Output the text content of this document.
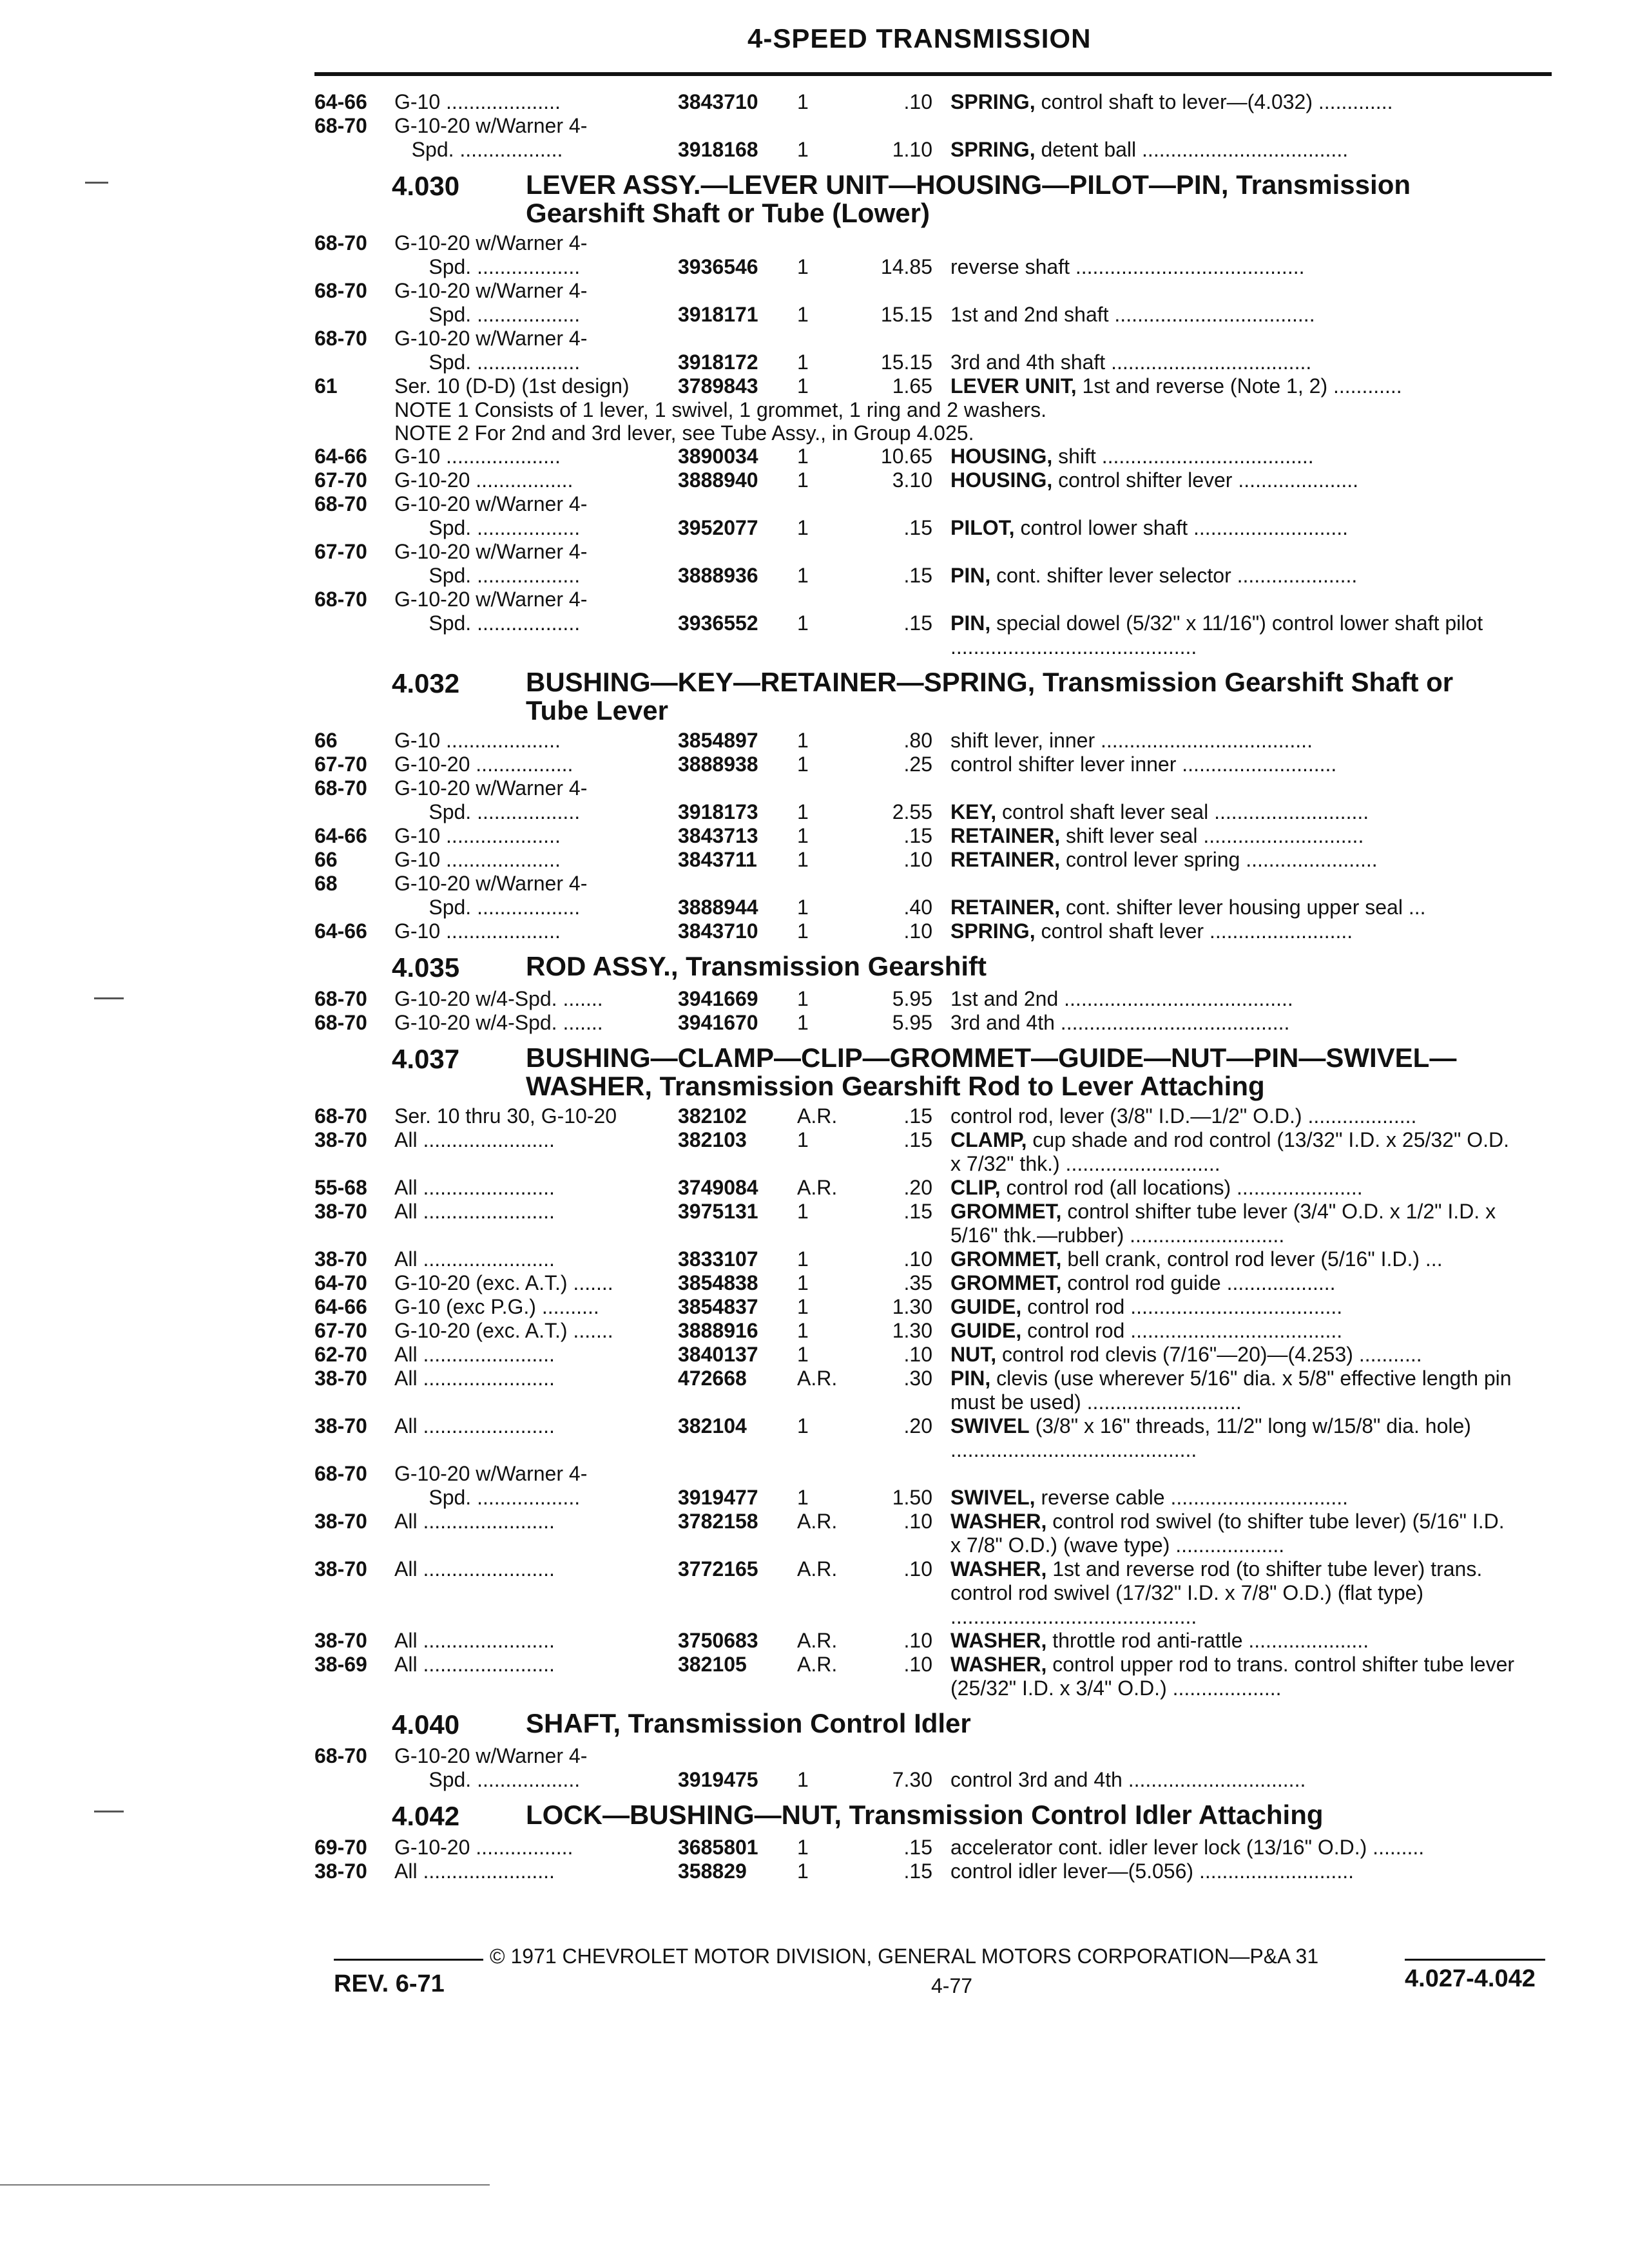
4-SPEED TRANSMISSION
64-66	G-10 ....................	3843710	1	.10 SPRING, control shaft to lever—(4.032) .............
68-70	G-10-20 w/Warner 4-
Spd. ..................	3918168	1	1.10 SPRING, detent ball ....................................
4.030	LEVER ASSY.—LEVER UNIT—HOUSING—PILOT—PIN, Transmission Gearshift Shaft or Tube (Lower)
68-70	G-10-20 w/Warner 4-
Spd. ..................	3936546	1	14.85 reverse shaft ........................................
68-70	G-10-20 w/Warner 4-
Spd. ..................	3918171	1	15.15 1st and 2nd shaft ...................................
68-70	G-10-20 w/Warner 4-
Spd. ..................	3918172	1	15.15 3rd and 4th shaft ...................................
61	Ser. 10 (D-D) (1st design)	3789843	1	1.65 LEVER UNIT, 1st and reverse (Note 1, 2) ............
NOTE 1 Consists of 1 lever, 1 swivel, 1 grommet, 1 ring and 2 washers.
NOTE 2 For 2nd and 3rd lever, see Tube Assy., in Group 4.025.
64-66	G-10 ....................	3890034	1	10.65 HOUSING, shift .....................................
67-70	G-10-20 .................	3888940	1	3.10 HOUSING, control shifter lever .....................
68-70	G-10-20 w/Warner 4-
Spd. ..................	3952077	1	.15 PILOT, control lower shaft ...........................
67-70	G-10-20 w/Warner 4-
Spd. ..................	3888936	1	.15 PIN, cont. shifter lever selector .....................
68-70	G-10-20 w/Warner 4-
Spd. ..................	3936552	1	.15 PIN, special dowel (5/32" x 11/16") control lower shaft pilot ...........................................
4.032	BUSHING—KEY—RETAINER—SPRING, Transmission Gearshift Shaft or Tube Lever
66	G-10 ....................	3854897	1	.80 shift lever, inner .....................................
67-70	G-10-20 .................	3888938	1	.25 control shifter lever inner ...........................
68-70	G-10-20 w/Warner 4-
Spd. ..................	3918173	1	2.55 KEY, control shaft lever seal ...........................
64-66	G-10 ....................	3843713	1	.15 RETAINER, shift lever seal ............................
66	G-10 ....................	3843711	1	.10 RETAINER, control lever spring .......................
68	G-10-20 w/Warner 4-
Spd. ..................	3888944	1	.40 RETAINER, cont. shifter lever housing upper seal ...
64-66	G-10 ....................	3843710	1	.10 SPRING, control shaft lever .........................
4.035	ROD ASSY., Transmission Gearshift
68-70	G-10-20 w/4-Spd. .......	3941669	1	5.95 1st and 2nd ........................................
68-70	G-10-20 w/4-Spd. .......	3941670	1	5.95 3rd and 4th ........................................
4.037	BUSHING—CLAMP—CLIP—GROMMET—GUIDE—NUT—PIN—SWIVEL—WASHER, Transmission Gearshift Rod to Lever Attaching
68-70	Ser. 10 thru 30, G-10-20	382102	A.R.	.15 control rod, lever (3/8" I.D.—1/2" O.D.) ...................
38-70	All .......................	382103	1	.15 CLAMP, cup shade and rod control (13/32" I.D. x 25/32" O.D. x 7/32" thk.) ...........................
55-68	All .......................	3749084	A.R.	.20 CLIP, control rod (all locations) ......................
38-70	All .......................	3975131	1	.15 GROMMET, control shifter tube lever (3/4" O.D. x 1/2" I.D. x 5/16" thk.—rubber) ...........................
38-70	All .......................	3833107	1	.10 GROMMET, bell crank, control rod lever (5/16" I.D.) ...
64-70	G-10-20 (exc. A.T.) .......	3854838	1	.35 GROMMET, control rod guide ...................
64-66	G-10 (exc P.G.) ..........	3854837	1	1.30 GUIDE, control rod .....................................
67-70	G-10-20 (exc. A.T.) .......	3888916	1	1.30 GUIDE, control rod .....................................
62-70	All .......................	3840137	1	.10 NUT, control rod clevis (7/16"—20)—(4.253) ...........
38-70	All .......................	472668	A.R.	.30 PIN, clevis (use wherever 5/16" dia. x 5/8" effective length pin must be used) ...........................
38-70	All .......................	382104	1	.20 SWIVEL (3/8" x 16" threads, 11/2" long w/15/8" dia. hole) ...........................................
68-70	G-10-20 w/Warner 4-
Spd. ..................	3919477	1	1.50 SWIVEL, reverse cable ...............................
38-70	All .......................	3782158	A.R.	.10 WASHER, control rod swivel (to shifter tube lever) (5/16" I.D. x 7/8" O.D.) (wave type) ...................
38-70	All .......................	3772165	A.R.	.10 WASHER, 1st and reverse rod (to shifter tube lever) trans. control rod swivel (17/32" I.D. x 7/8" O.D.) (flat type) ...........................................
38-70	All .......................	3750683	A.R.	.10 WASHER, throttle rod anti-rattle .....................
38-69	All .......................	382105	A.R.	.10 WASHER, control upper rod to trans. control shifter tube lever (25/32" I.D. x 3/4" O.D.) ...................
4.040	SHAFT, Transmission Control Idler
68-70	G-10-20 w/Warner 4-
Spd. ..................	3919475	1	7.30 control 3rd and 4th ...............................
4.042	LOCK—BUSHING—NUT, Transmission Control Idler Attaching
69-70	G-10-20 .................	3685801	1	.15 accelerator cont. idler lever lock (13/16" O.D.) .........
38-70	All .......................	358829	1	.15 control idler lever—(5.056) ...........................
© 1971 CHEVROLET MOTOR DIVISION, GENERAL MOTORS CORPORATION—P&A 31
REV. 6-71	4-77	4.027-4.042
